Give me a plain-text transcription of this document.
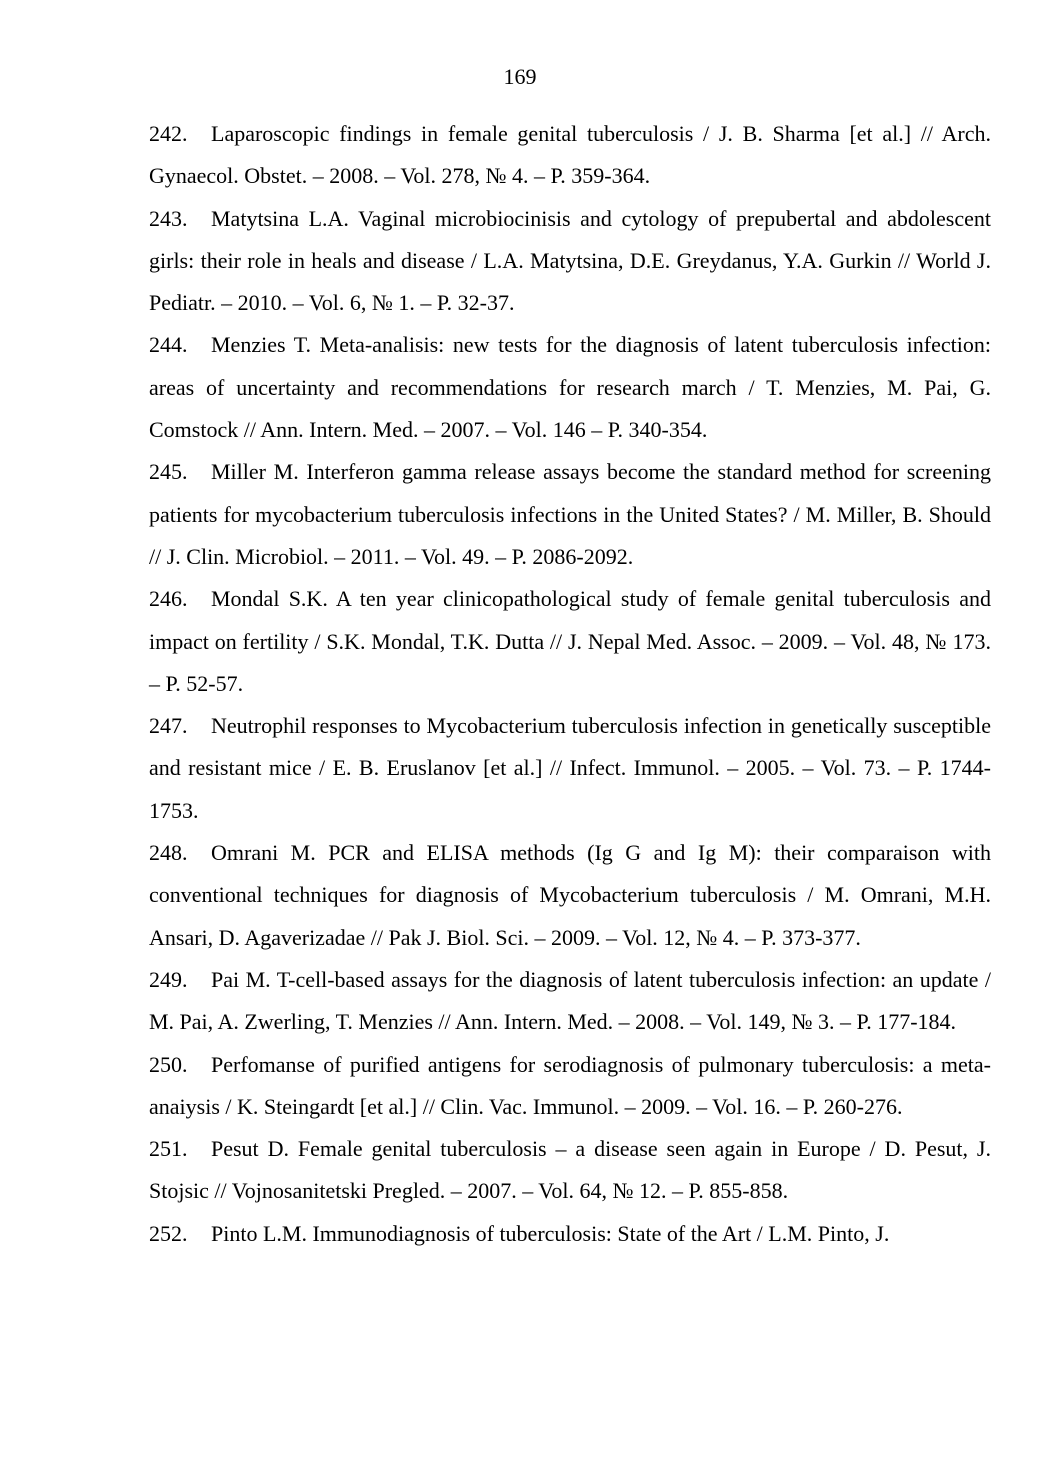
169

242. Laparoscopic findings in female genital tuberculosis / J. B. Sharma [et al.] // Arch. Gynaecol. Obstet. – 2008. – Vol. 278, № 4. – P. 359-364.

243. Matytsina L.A. Vaginal microbiocinisis and cytology of prepubertal and abdolescent girls: their role in heals and disease / L.A. Matytsina, D.E. Greydanus, Y.A. Gurkin // World J. Pediatr. – 2010. – Vol. 6, № 1. – P. 32-37.

244. Menzies T. Meta-analisis: new tests for the diagnosis of latent tuberculosis infection: areas of uncertainty and recommendations for research march / T. Menzies, M. Pai, G. Comstock // Ann. Intern. Med. – 2007. – Vol. 146 – P. 340-354.

245. Miller M. Interferon gamma release assays become the standard method for screening patients for mycobacterium tuberculosis infections in the United States? / M. Miller, B. Should // J. Clin. Microbiol. – 2011. – Vol. 49. – P. 2086-2092.

246. Mondal S.K. A ten year clinicopathological study of female genital tuberculosis and impact on fertility / S.K. Mondal, T.K. Dutta // J. Nepal Med. Assoc. – 2009. – Vol. 48, № 173. – P. 52-57.

247. Neutrophil responses to Mycobacterium tuberculosis infection in genetically susceptible and resistant mice / E. B. Eruslanov [et al.] // Infect. Immunol. – 2005. – Vol. 73. – P. 1744-1753.

248. Omrani M. PCR and ELISA methods (Ig G and Ig M): their comparaison with conventional techniques for diagnosis of Mycobacterium tuberculosis / M. Omrani, M.H. Ansari, D. Agaverizadae // Pak J. Biol. Sci. – 2009. – Vol. 12, № 4. – P. 373-377.

249. Pai M. T-cell-based assays for the diagnosis of latent tuberculosis infection: an update / M. Pai, A. Zwerling, T. Menzies // Ann. Intern. Med. – 2008. – Vol. 149, № 3. – P. 177-184.

250. Perfomanse of purified antigens for serodiagnosis of pulmonary tuberculosis: a meta-anaiysis / K. Steingardt [et al.] // Clin. Vac. Immunol. – 2009. – Vol. 16. – P. 260-276.

251. Pesut D. Female genital tuberculosis – a disease seen again in Europe / D. Pesut, J. Stojsic // Vojnosanitetski Pregled. – 2007. – Vol. 64, № 12. – P. 855-858.

252. Pinto L.M. Immunodiagnosis of tuberculosis: State of the Art / L.M. Pinto, J.
